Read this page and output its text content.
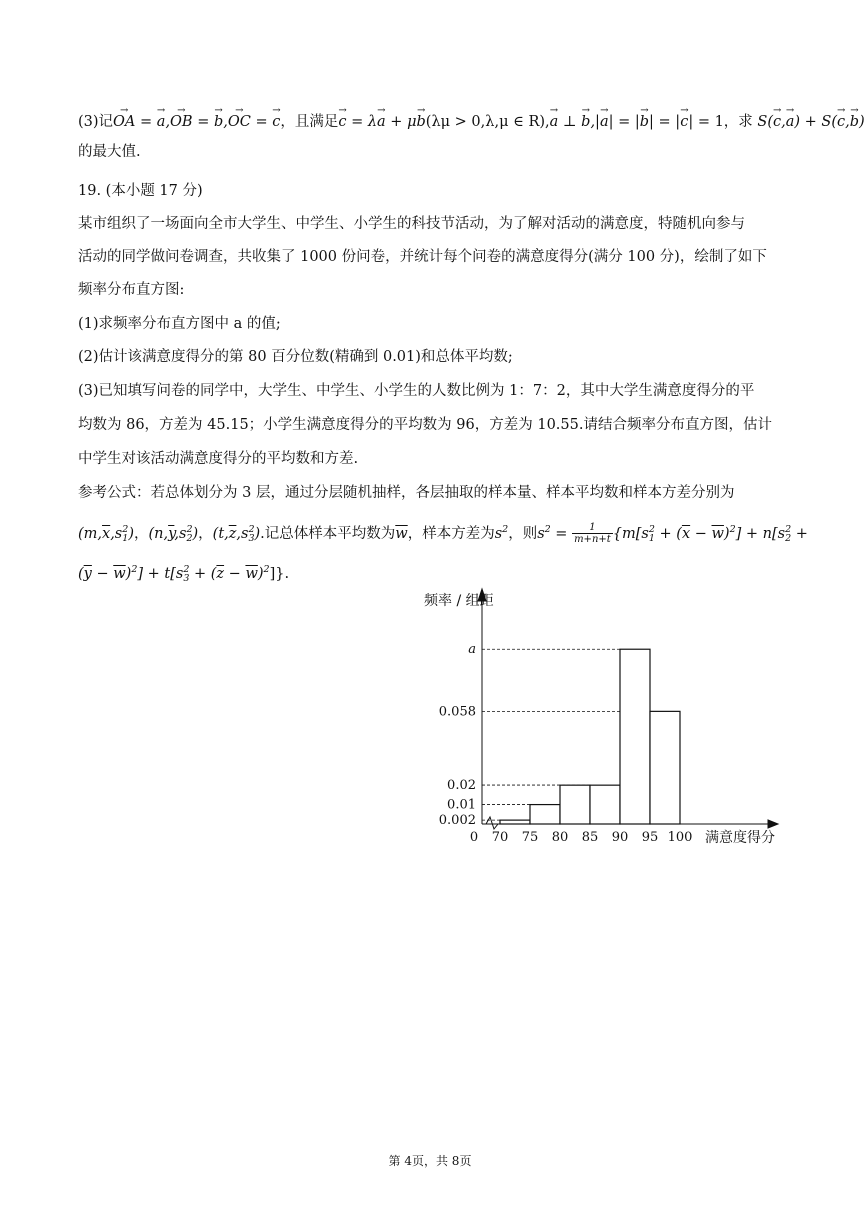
(3)记→ OA = → a,→ OB = → b,→ OC = → c，且满足→ c = λ→ a + μ→ b(λμ > 0,λ,μ ∈ R),→ a ⊥ → b,|→ a| = |→ b| = |→ c| = 1，求 S(→ c,→ a) + S(→ c,→ b)
的最大值.
19. (本小题 17 分)
某市组织了一场面向全市大学生、中学生、小学生的科技节活动，为了解对活动的满意度，特随机向参与
活动的同学做问卷调查，共收集了 1000 份问卷，并统计每个问卷的满意度得分(满分 100 分)，绘制了如下
频率分布直方图:
(1)求频率分布直方图中 a 的值;
(2)估计该满意度得分的第 80 百分位数(精确到 0.01)和总体平均数;
(3)已知填写问卷的同学中，大学生、中学生、小学生的人数比例为 1：7：2，其中大学生满意度得分的平
均数为 86，方差为 45.15；小学生满意度得分的平均数为 96，方差为 10.55.请结合频率分布直方图，估计
中学生对该活动满意度得分的平均数和方差.
参考公式：若总体划分为 3 层，通过分层随机抽样，各层抽取的样本量、样本平均数和样本方差分别为
($m,\overline{x},s2$
1)，($n,\overline{y},s2$
2)，($t,\overline{z},s2$
3).记总体样本平均数为$\overline{w}$，样本方差为$s^2$，则$s^2 = \frac{1}{m+n+t} \{m[s2$
$1 + (\overline{x} - \overline{w})^2] + n[s2$
2 +
$(\overline{y} - \overline{w})^2] + t[s2$
$3 + (\overline{z} - \overline{w})^2$]}.
a
0.058
0.02
0.01
0.002
0 70 75 80 85 90 95 100
频率 / 组距
满意度得分
第 4页，共 8页
